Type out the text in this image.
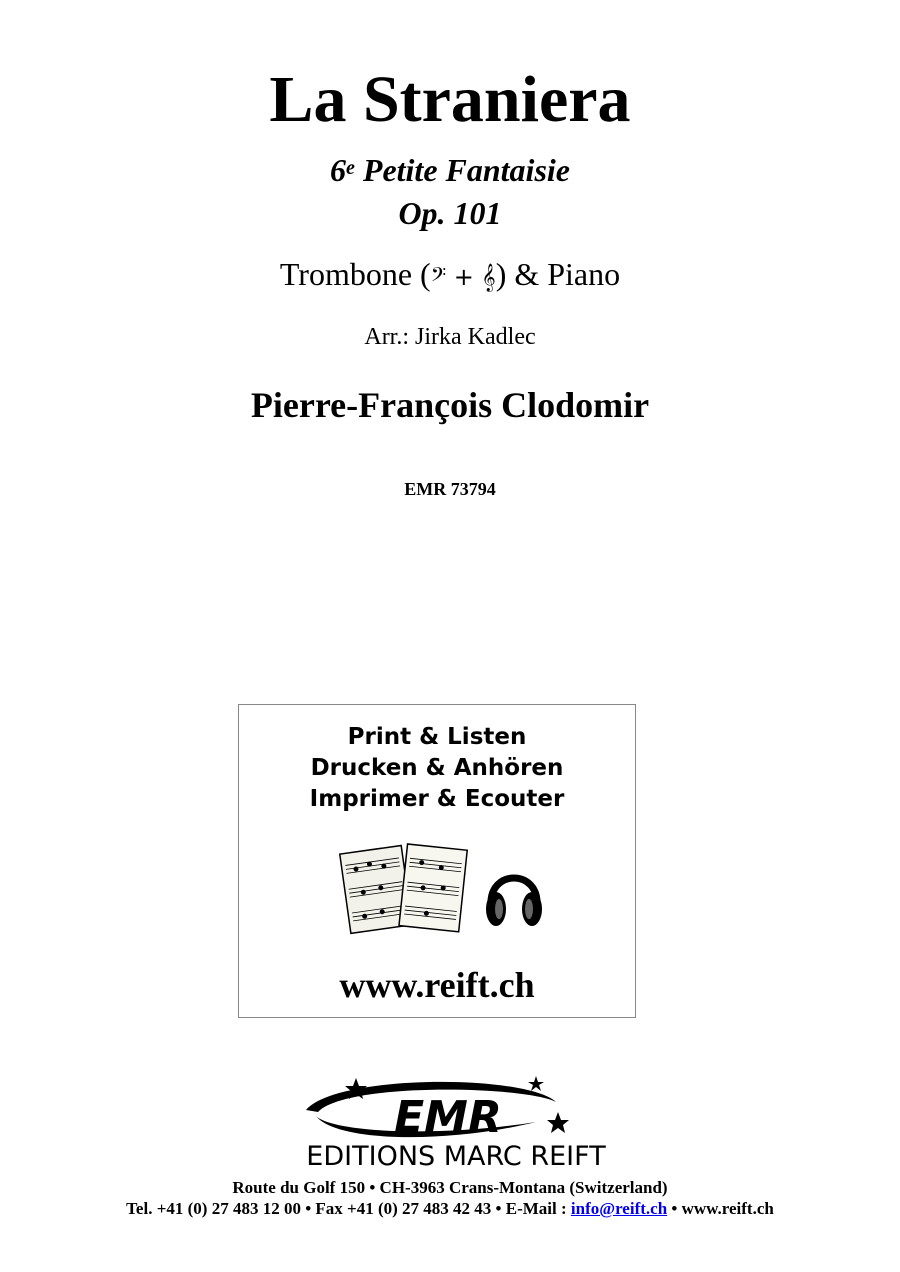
La Straniera
6e Petite Fantaisie
Op. 101
Trombone (𝄢 + 𝄞) & Piano
Arr.: Jirka Kadlec
Pierre-François Clodomir
EMR 73794
Print & Listen
Drucken & Anhören
Imprimer & Ecouter
www.reift.ch
EMR
EDITIONS MARC REIFT
Route du Golf 150 • CH-3963 Crans-Montana (Switzerland)
Tel. +41 (0) 27 483 12 00 • Fax +41 (0) 27 483 42 43 • E-Mail : info@reift.ch • www.reift.ch
